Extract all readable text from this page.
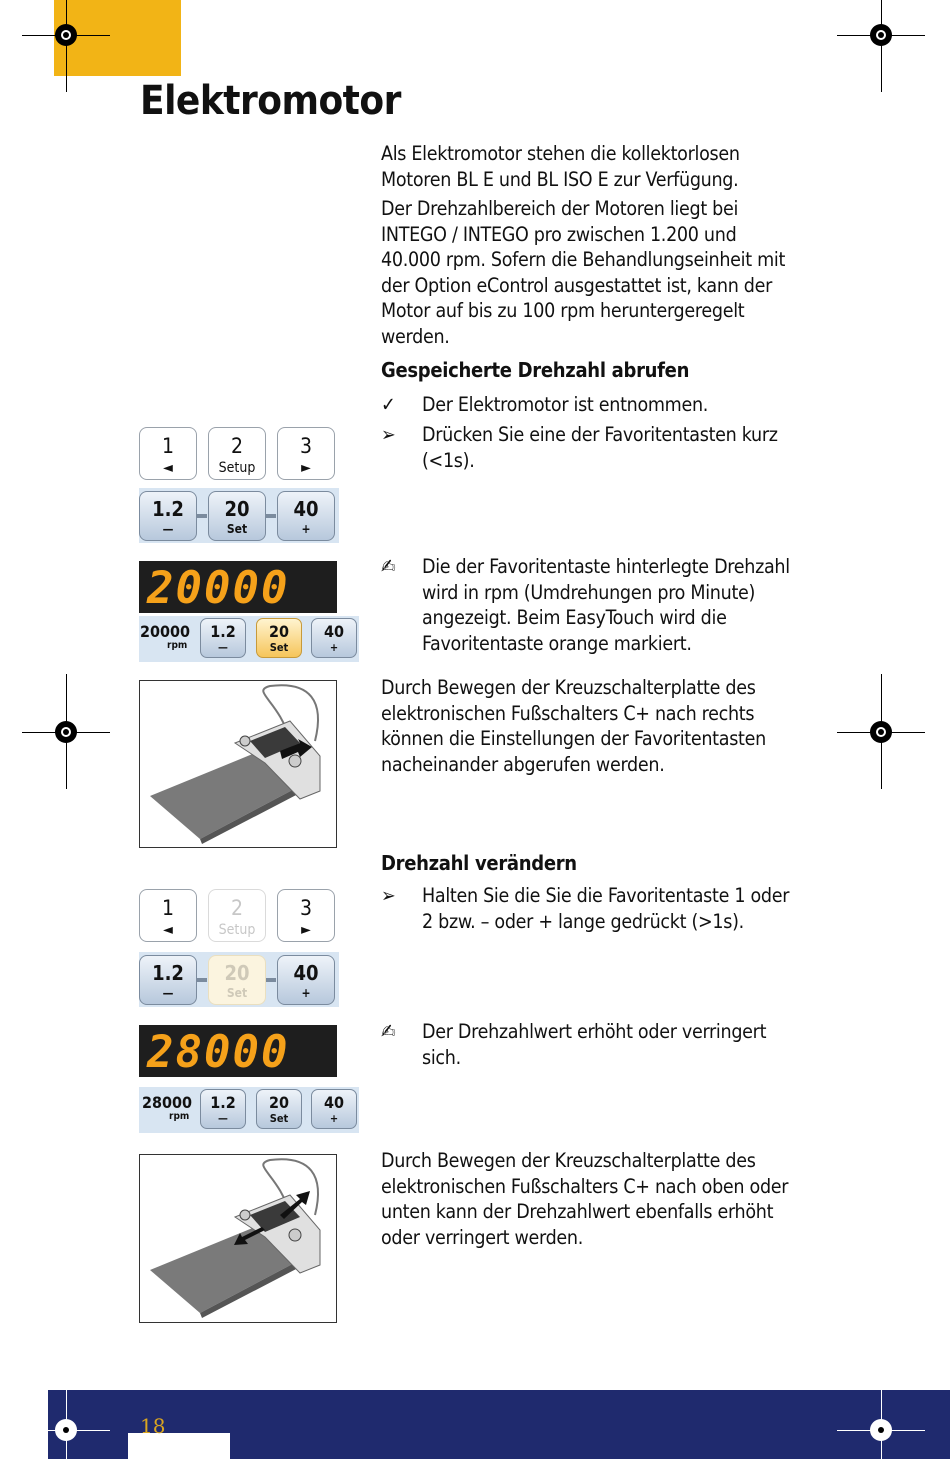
Elektromotor

Als Elektromotor stehen die kollektorlosen Motoren BL E und BL ISO E zur Verfügung.

Der Drehzahlbereich der Motoren liegt bei INTEGO / INTEGO pro zwischen 1.200 und 40.000 rpm. Sofern die Behandlungseinheit mit der Option eControl ausgestattet ist, kann der Motor auf bis zu 100 rpm heruntergeregelt werden.

Gespeicherte Drehzahl abrufen
✓	Der Elektromotor ist entnommen.
➢	Drücken Sie eine der Favoritentasten kurz (<1s).
✍	Die der Favoritentaste hinterlegte Drehzahl wird in rpm (Umdrehungen pro Minute) angezeigt. Beim EasyTouch wird die Favoritentaste orange markiert.

Durch Bewegen der Kreuzschalterplatte des elektronischen Fußschalters C+ nach rechts können die Einstellungen der Favoritentasten nacheinander abgerufen werden.

Drehzahl verändern
➢	Halten Sie die Sie die Favoritentaste 1 oder 2 bzw. – oder + lange gedrückt (>1s).
✍	Der Drehzahlwert erhöht oder verringert sich.

Durch Bewegen der Kreuzschalterplatte des elektronischen Fußschalters C+ nach oben oder unten kann der Drehzahlwert ebenfalls erhöht oder verringert werden.

1
◄
2
Setup
3
►
1.2
—
20
Set
40
+
20000
20000
rpm
1.2
—
20
Set
40
+
1
◄
2
Setup
3
►
1.2
—
20
Set
40
+
28000
28000
rpm
1.2
—
20
Set
40
+
18
